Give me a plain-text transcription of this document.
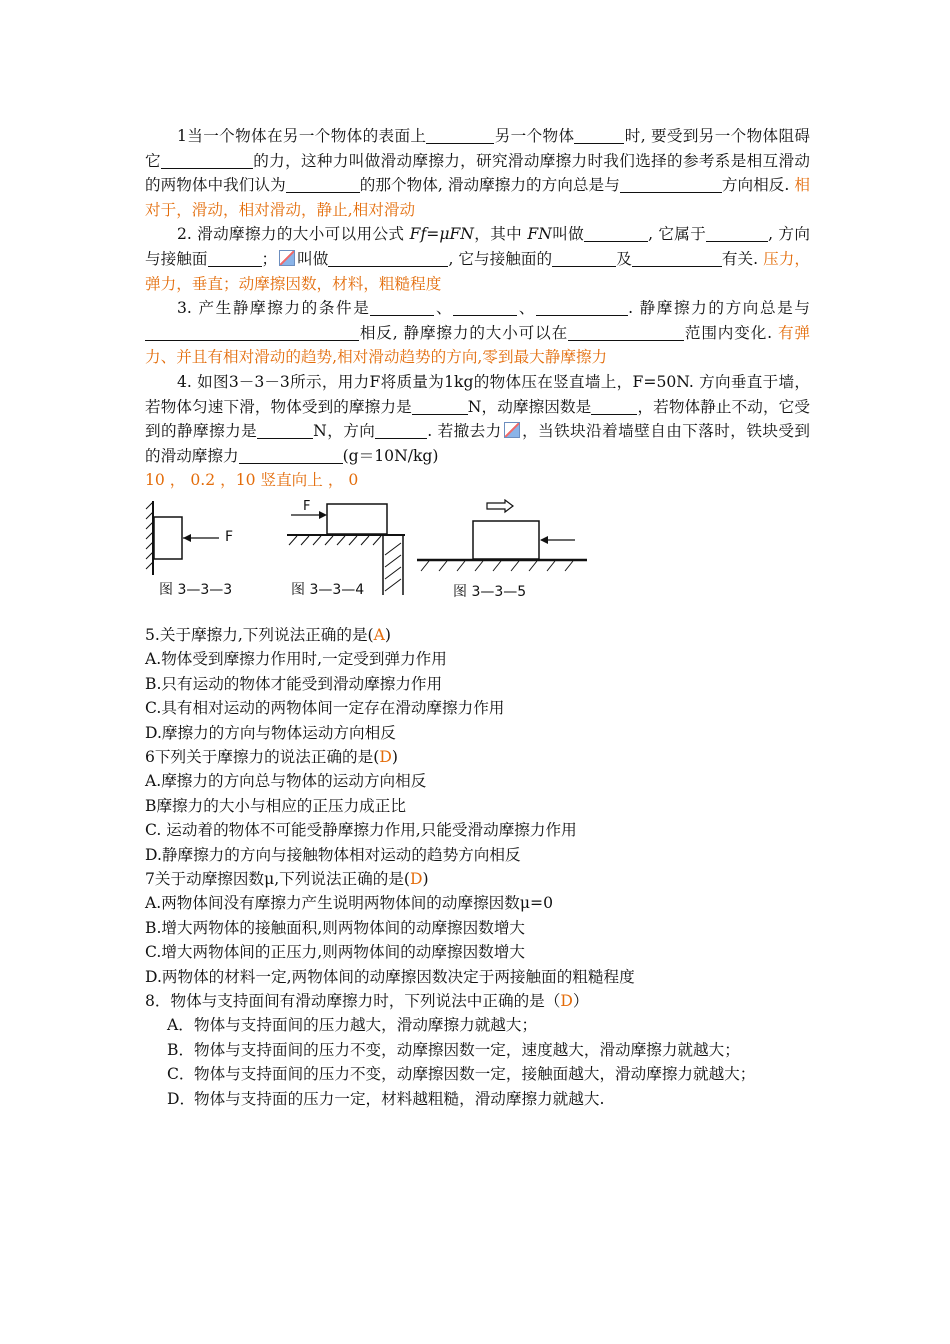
1当一个物体在另一个物体的表面上	另一个物体	时, 要受到另一个物体阻碍它	的力，这种力叫做滑动摩擦力，研究滑动摩擦力时我们选择的参考系是相互滑动的两物体中我们认为	的那个物体, 滑动摩擦力的方向总是与	方向相反. 相对于，滑动，相对滑动，静止,相对滑动

2. 滑动摩擦力的大小可以用公式 Ff=μFN，其中 FN叫做	, 它属于	, 方向与接触面	； 叫做	, 它与接触面的	及	有关. 压力，弹力，垂直；动摩擦因数，材料，粗糙程度

3. 产生静摩擦力的条件是	、	、	. 静摩擦力的方向总是与相反, 静摩擦力的大小可以在	范围内变化. 有弹力、并且有相对滑动的趋势,相对滑动趋势的方向,零到最大静摩擦力

4. 如图3－3－3所示，用力F将质量为1kg的物体压在竖直墙上，F=50N. 方向垂直于墙，若物体匀速下滑，物体受到的摩擦力是	N，动摩擦因数是	，若物体静止不动，它受到的静摩擦力是	N，方向	. 若撤去力 ，当铁块沿着墙壁自由下落时，铁块受到的滑动摩擦力	(g＝10N/kg)
10 ， 0.2 ，10 竖直向上 ， 0

F
图 3—3—3
F
图 3—3—4	图 3—3—5

5.关于摩擦力,下列说法正确的是(A)

A.物体受到摩擦力作用时,一定受到弹力作用

B.只有运动的物体才能受到滑动摩擦力作用

C.具有相对运动的两物体间一定存在滑动摩擦力作用

D.摩擦力的方向与物体运动方向相反

6下列关于摩擦力的说法正确的是(D)

A.摩擦力的方向总与物体的运动方向相反

B摩擦力的大小与相应的正压力成正比

C. 运动着的物体不可能受静摩擦力作用,只能受滑动摩擦力作用

D.静摩擦力的方向与接触物体相对运动的趋势方向相反

7关于动摩擦因数μ,下列说法正确的是(D)

A.两物体间没有摩擦力产生说明两物体间的动摩擦因数μ=0

B.增大两物体的接触面积,则两物体间的动摩擦因数增大

C.增大两物体间的正压力,则两物体间的动摩擦因数增大

D.两物体的材料一定,两物体间的动摩擦因数决定于两接触面的粗糙程度

8．物体与支持面间有滑动摩擦力时，下列说法中正确的是（D）

A．物体与支持面间的压力越大，滑动摩擦力就越大；

B．物体与支持面间的压力不变，动摩擦因数一定，速度越大，滑动摩擦力就越大；

C．物体与支持面间的压力不变，动摩擦因数一定，接触面越大，滑动摩擦力就越大；

D．物体与支持面的压力一定，材料越粗糙，滑动摩擦力就越大.
